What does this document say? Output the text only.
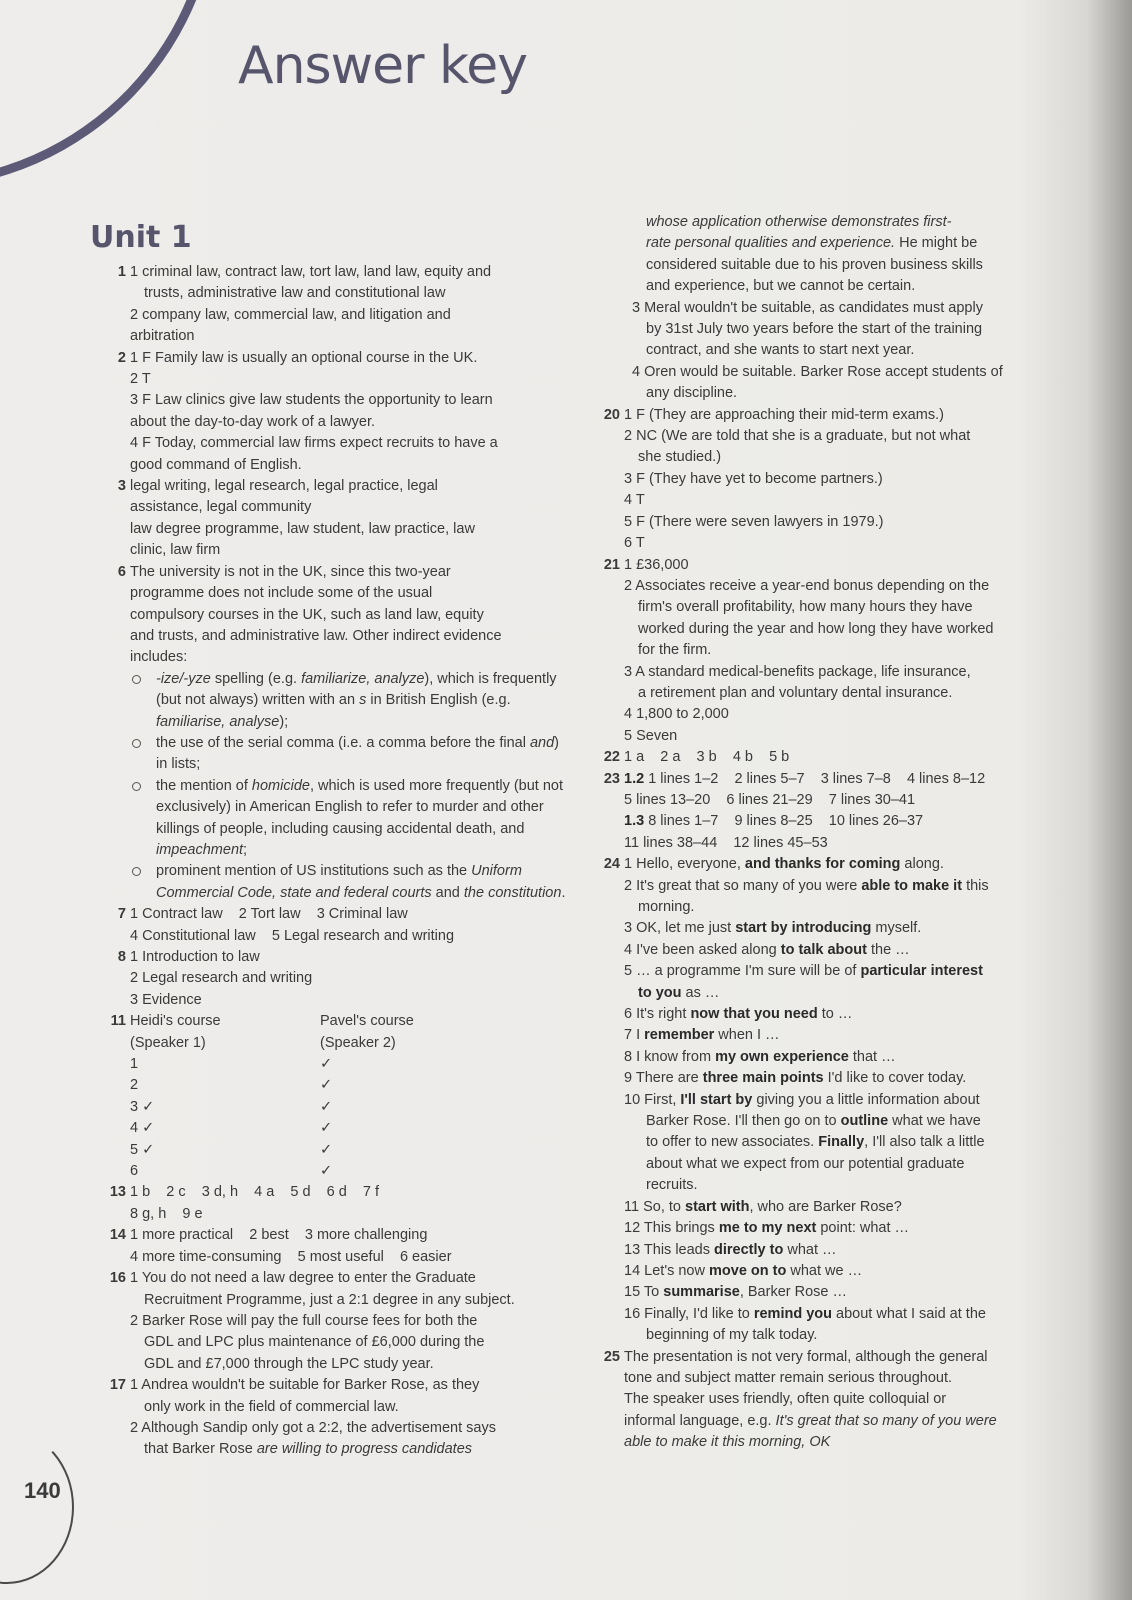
Answer key
Unit 1
1 1 criminal law, contract law, tort law, land law, equity and
trusts, administrative law and constitutional law
2 company law, commercial law, and litigation and
arbitration
2 1 F Family law is usually an optional course in the UK.
2 T
3 F Law clinics give law students the opportunity to learn
about the day-to-day work of a lawyer.
4 F Today, commercial law firms expect recruits to have a
good command of English.
3 legal writing, legal research, legal practice, legal
assistance, legal community
law degree programme, law student, law practice, law
clinic, law firm
6 The university is not in the UK, since this two-year
programme does not include some of the usual
compulsory courses in the UK, such as land law, equity
and trusts, and administrative law. Other indirect evidence
includes:
-ize/-yze spelling (e.g. familiarize, analyze), which is frequently (but not always) written with an s in British English (e.g. familiarise, analyse);
the use of the serial comma (i.e. a comma before the final and) in lists;
the mention of homicide, which is used more frequently (but not exclusively) in American English to refer to murder and other killings of people, including causing accidental death, and impeachment;
prominent mention of US institutions such as the Uniform Commercial Code, state and federal courts and the constitution.
7 1 Contract law    2 Tort law    3 Criminal law
4 Constitutional law    5 Legal research and writing
8 1 Introduction to law
2 Legal research and writing
3 Evidence
11 Heidi's course	Pavel's course
(Speaker 1)	(Speaker 2)
1	✓
2	✓
3 ✓	✓
4 ✓	✓
5 ✓	✓
6	✓
13 1 b    2 c    3 d, h    4 a    5 d    6 d    7 f
8 g, h    9 e
14 1 more practical    2 best    3 more challenging
4 more time-consuming    5 most useful    6 easier
16 1 You do not need a law degree to enter the Graduate
Recruitment Programme, just a 2:1 degree in any subject.
2 Barker Rose will pay the full course fees for both the
GDL and LPC plus maintenance of £6,000 during the
GDL and £7,000 through the LPC study year.
17 1 Andrea wouldn't be suitable for Barker Rose, as they
only work in the field of commercial law.
2 Although Sandip only got a 2:2, the advertisement says
that Barker Rose are willing to progress candidates
whose application otherwise demonstrates first-
rate personal qualities and experience. He might be
considered suitable due to his proven business skills
and experience, but we cannot be certain.
3 Meral wouldn't be suitable, as candidates must apply
by 31st July two years before the start of the training
contract, and she wants to start next year.
4 Oren would be suitable. Barker Rose accept students of
any discipline.
20 1 F (They are approaching their mid-term exams.)
2 NC (We are told that she is a graduate, but not what
she studied.)
3 F (They have yet to become partners.)
4 T
5 F (There were seven lawyers in 1979.)
6 T
21 1 £36,000
2 Associates receive a year-end bonus depending on the
firm's overall profitability, how many hours they have
worked during the year and how long they have worked
for the firm.
3 A standard medical-benefits package, life insurance,
a retirement plan and voluntary dental insurance.
4 1,800 to 2,000
5 Seven
22 1 a    2 a    3 b    4 b    5 b
23 1.2 1 lines 1–2    2 lines 5–7    3 lines 7–8    4 lines 8–12
5 lines 13–20    6 lines 21–29    7 lines 30–41
1.3 8 lines 1–7    9 lines 8–25    10 lines 26–37
11 lines 38–44    12 lines 45–53
24 1 Hello, everyone, and thanks for coming along.
2 It's great that so many of you were able to make it this
morning.
3 OK, let me just start by introducing myself.
4 I've been asked along to talk about the …
5 … a programme I'm sure will be of particular interest
to you as …
6 It's right now that you need to …
7 I remember when I …
8 I know from my own experience that …
9 There are three main points I'd like to cover today.
10 First, I'll start by giving you a little information about
Barker Rose. I'll then go on to outline what we have
to offer to new associates. Finally, I'll also talk a little
about what we expect from our potential graduate
recruits.
11 So, to start with, who are Barker Rose?
12 This brings me to my next point: what …
13 This leads directly to what …
14 Let's now move on to what we …
15 To summarise, Barker Rose …
16 Finally, I'd like to remind you about what I said at the
beginning of my talk today.
25 The presentation is not very formal, although the general
tone and subject matter remain serious throughout.
The speaker uses friendly, often quite colloquial or
informal language, e.g. It's great that so many of you were
able to make it this morning, OK
140
